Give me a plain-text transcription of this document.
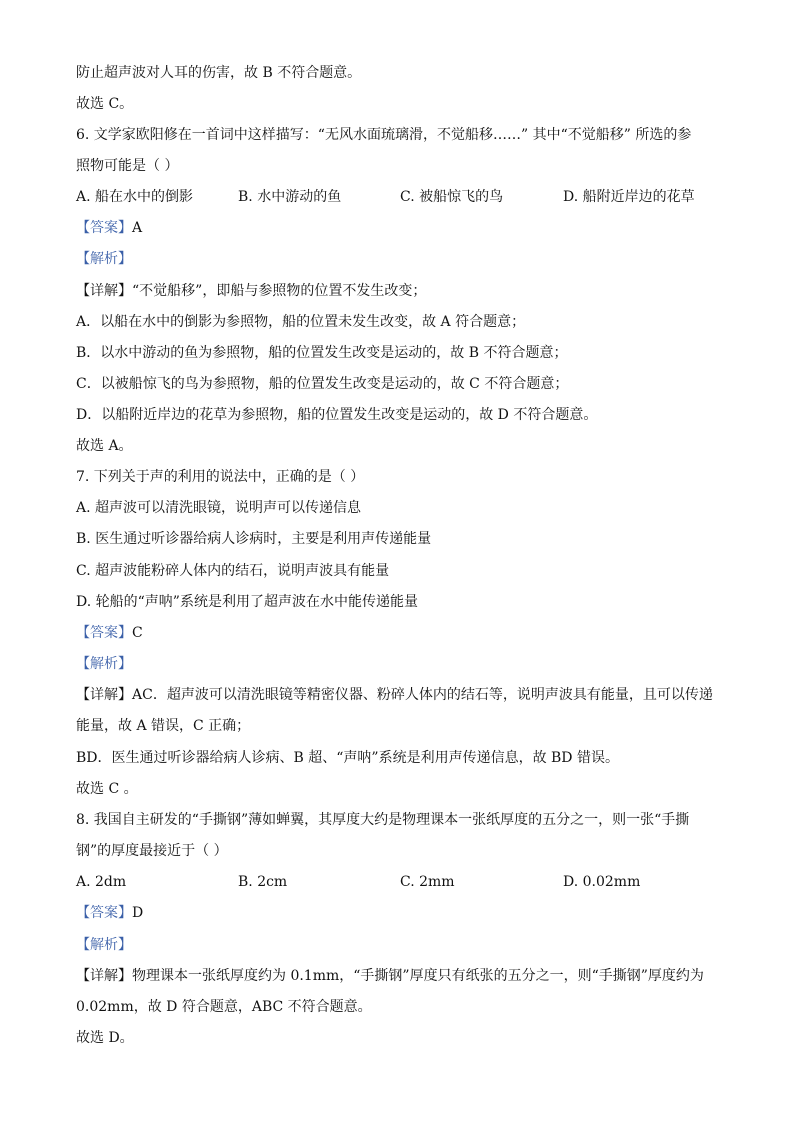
防止超声波对人耳的伤害，故 B 不符合题意。
故选 C。
6. 文学家欧阳修在一首词中这样描写：“无风水面琉璃滑，不觉船移……” 其中“不觉船移” 所选的参
照物可能是（ ）
A. 船在水中的倒影	B. 水中游动的鱼	C. 被船惊飞的鸟	D. 船附近岸边的花草
【答案】A
【解析】
【详解】“不觉船移”，即船与参照物的位置不发生改变；
A．以船在水中的倒影为参照物，船的位置未发生改变，故 A 符合题意；
B．以水中游动的鱼为参照物，船的位置发生改变是运动的，故 B 不符合题意；
C．以被船惊飞的鸟为参照物，船的位置发生改变是运动的，故 C 不符合题意；
D．以船附近岸边的花草为参照物，船的位置发生改变是运动的，故 D 不符合题意。
故选 A。
7. 下列关于声的利用的说法中，正确的是（ ）
A. 超声波可以清洗眼镜，说明声可以传递信息
B. 医生通过听诊器给病人诊病时，主要是利用声传递能量
C. 超声波能粉碎人体内的结石，说明声波具有能量
D. 轮船的“声呐”系统是利用了超声波在水中能传递能量
【答案】C
【解析】
【详解】AC．超声波可以清洗眼镜等精密仪器、粉碎人体内的结石等，说明声波具有能量，且可以传递
能量，故 A 错误，C 正确；
BD．医生通过听诊器给病人诊病、B 超、“声呐”系统是利用声传递信息，故 BD 错误。
故选 C 。
8. 我国自主研发的“手撕钢”薄如蝉翼，其厚度大约是物理课本一张纸厚度的五分之一，则一张“手撕
钢”的厚度最接近于（ ）
A. 2dm	B. 2cm	C. 2mm	D. 0.02mm
【答案】D
【解析】
【详解】物理课本一张纸厚度约为 0.1mm，“手撕钢”厚度只有纸张的五分之一，则“手撕钢”厚度约为
0.02mm，故 D 符合题意，ABC 不符合题意。
故选 D。
